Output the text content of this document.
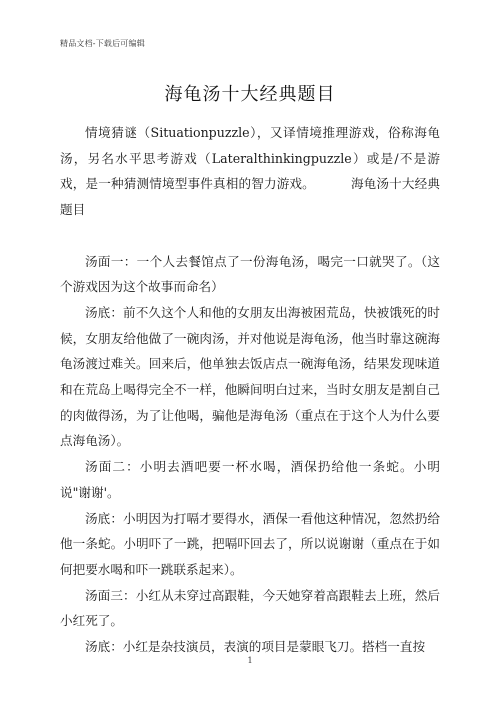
精品文档-下载后可编辑
海龟汤十大经典题目

情境猜谜（Situationpuzzle），又译情境推理游戏，俗称海龟汤，另名水平思考游戏（Lateralthinkingpuzzle）或是/不是游戏，是一种猜测情境型事件真相的智力游戏。	海龟汤十大经典题目

汤面一：一个人去餐馆点了一份海龟汤，喝完一口就哭了。（这个游戏因为这个故事而命名）

汤底：前不久这个人和他的女朋友出海被困荒岛，快被饿死的时候，女朋友给他做了一碗肉汤，并对他说是海龟汤，他当时靠这碗海龟汤渡过难关。回来后，他单独去饭店点一碗海龟汤，结果发现味道和在荒岛上喝得完全不一样，他瞬间明白过来，当时女朋友是割自己的肉做得汤，为了让他喝，骗他是海龟汤（重点在于这个人为什么要点海龟汤）。

汤面二：小明去酒吧要一杯水喝，酒保扔给他一条蛇。小明说"谢谢'。

汤底：小明因为打嗝才要得水，酒保一看他这种情况，忽然扔给他一条蛇。小明吓了一跳，把嗝吓回去了，所以说谢谢（重点在于如何把要水喝和吓一跳联系起来）。

汤面三：小红从未穿过高跟鞋，今天她穿着高跟鞋去上班，然后小红死了。

汤底：小红是杂技演员，表演的项目是蒙眼飞刀。搭档一直按

1
